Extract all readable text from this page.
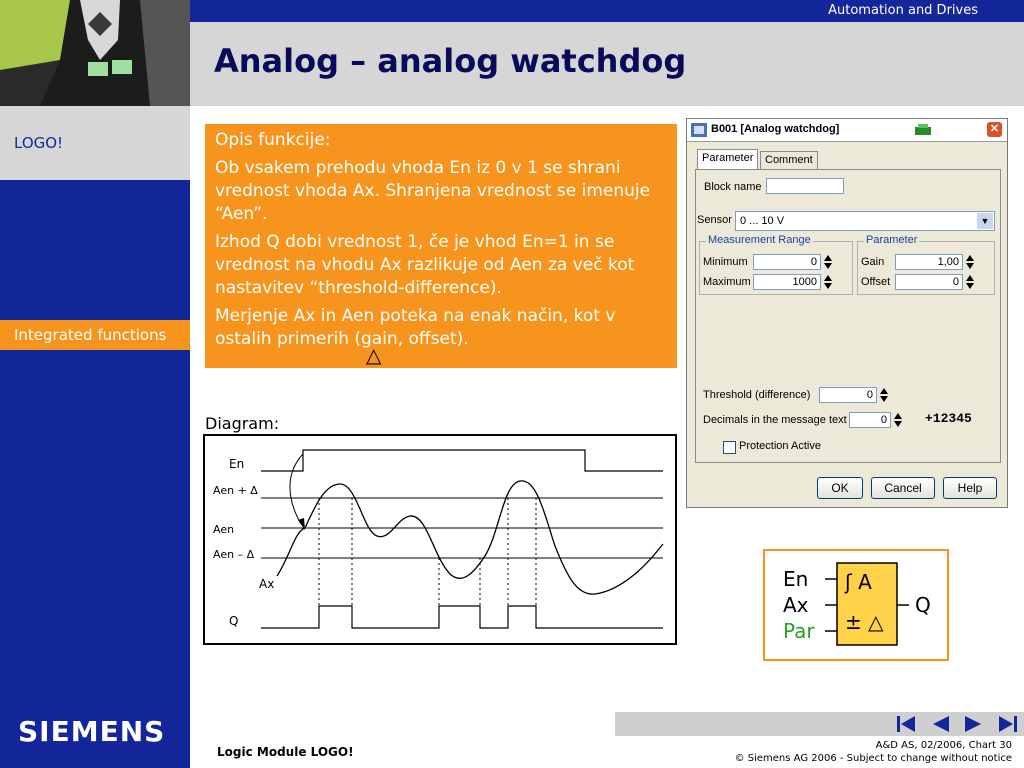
LOGO!
Integrated functions
SIEMENS
Automation and Drives
Analog – analog watchdog

Opis funkcije:

Ob vsakem prehodu vhoda En iz 0 v 1 se shrani vrednost vhoda Ax. Shranjena vrednost se imenuje “Aen”.

Izhod Q dobi vrednost 1, če je vhod En=1 in se vrednost na vhodu Ax razlikuje od Aen za več kot nastavitev “threshold-difference).

Merjenje Ax in Aen poteka na enak način, kot v ostalih primerih (gain, offset).

△
Diagram:
En
Aen + Δ
Aen
Aen – Δ
Ax
Q
B001 [Analog watchdog]	✕
Parameter	Comment
Block name
Sensor 0 ... 10 V	▼
Measurement Range
Minimum	0
Maximum	1000
Parameter
Gain	1,00
Offset	0
Threshold (difference)	0
Decimals in the message text	0	+12345
Protection Active
OK	Cancel	Help
En
Ax
Par
ʃ A
± △
Q
Logic Module LOGO!	A&D AS, 02/2006, Chart 30
© Siemens AG 2006 - Subject to change without notice
